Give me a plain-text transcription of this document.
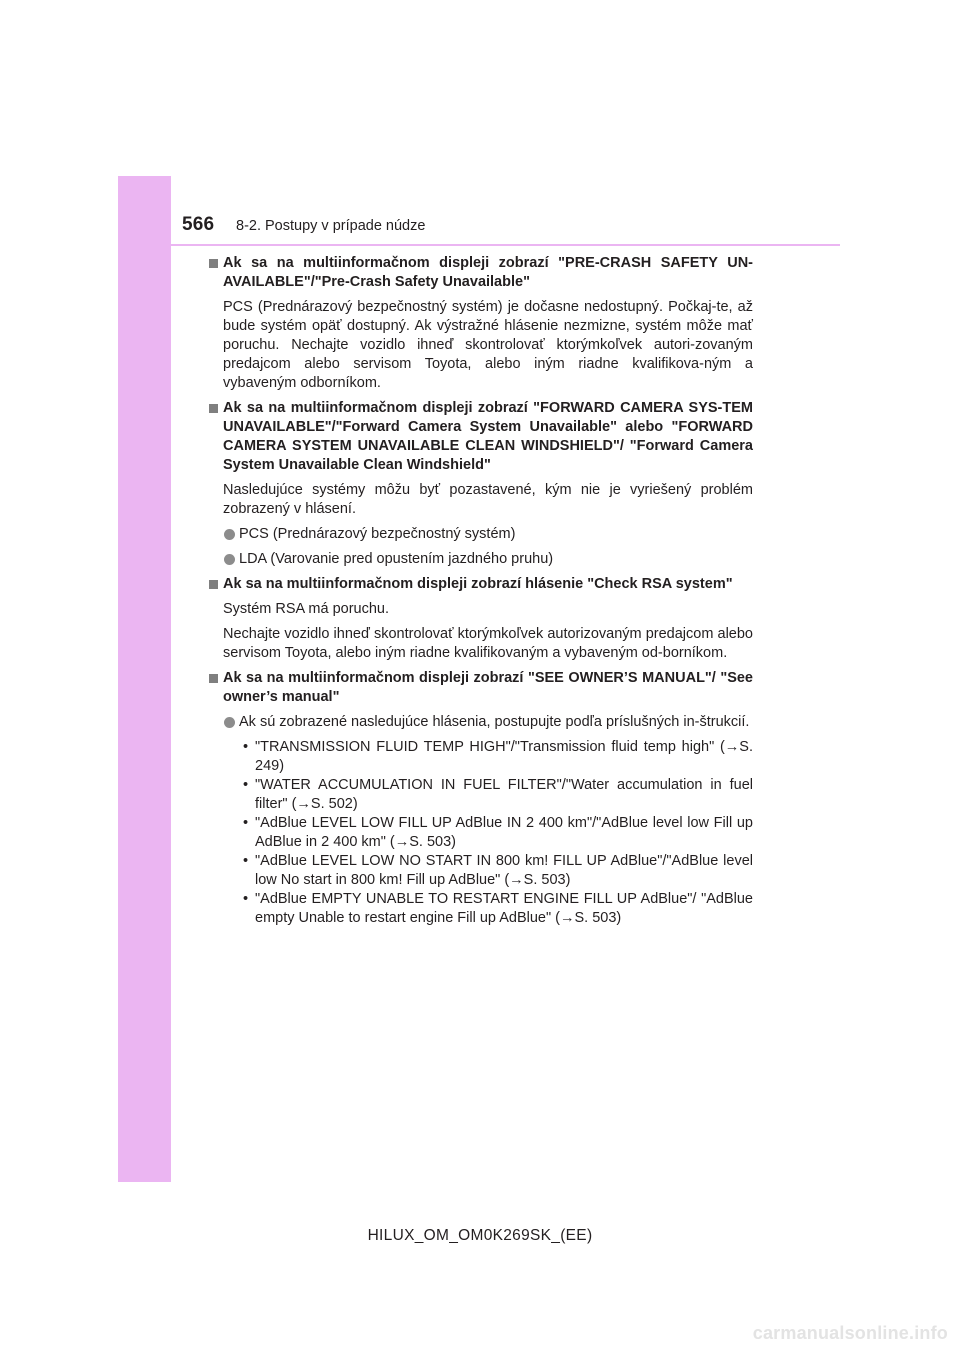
566 8-2. Postupy v prípade núdze
Ak sa na multiinformačnom displeji zobrazí "PRE-CRASH SAFETY UN-AVAILABLE"/"Pre-Crash Safety Unavailable"

PCS (Prednárazový bezpečnostný systém) je dočasne nedostupný. Počkaj-te, až bude systém opäť dostupný. Ak výstražné hlásenie nezmizne, systém môže mať poruchu. Nechajte vozidlo ihneď skontrolovať ktorýmkoľvek autori-zovaným predajcom alebo servisom Toyota, alebo iným riadne kvalifikova-ným a vybaveným odborníkom.

Ak sa na multiinformačnom displeji zobrazí "FORWARD CAMERA SYS-TEM UNAVAILABLE"/"Forward Camera System Unavailable" alebo "FORWARD CAMERA SYSTEM UNAVAILABLE CLEAN WINDSHIELD"/ "Forward Camera System Unavailable Clean Windshield"

Nasledujúce systémy môžu byť pozastavené, kým nie je vyriešený problém zobrazený v hlásení.

PCS (Prednárazový bezpečnostný systém)
LDA (Varovanie pred opustením jazdného pruhu)
Ak sa na multiinformačnom displeji zobrazí hlásenie "Check RSA system"

Systém RSA má poruchu.

Nechajte vozidlo ihneď skontrolovať ktorýmkoľvek autorizovaným predajcom alebo servisom Toyota, alebo iným riadne kvalifikovaným a vybaveným od-borníkom.

Ak sa na multiinformačnom displeji zobrazí "SEE OWNER’S MANUAL"/ "See owner’s manual"
Ak sú zobrazené nasledujúce hlásenia, postupujte podľa príslušných in-štrukcií.
• "TRANSMISSION FLUID TEMP HIGH"/"Transmission fluid temp high" (→S. 249)
• "WATER ACCUMULATION IN FUEL FILTER"/"Water accumulation in fuel filter" (→S. 502)
• "AdBlue LEVEL LOW FILL UP AdBlue IN 2 400 km"/"AdBlue level low Fill up AdBlue in 2 400 km" (→S. 503)
• "AdBlue LEVEL LOW NO START IN 800 km! FILL UP AdBlue"/"AdBlue level low No start in 800 km! Fill up AdBlue" (→S. 503)
• "AdBlue EMPTY UNABLE TO RESTART ENGINE FILL UP AdBlue"/ "AdBlue empty Unable to restart engine Fill up AdBlue" (→S. 503)
HILUX_OM_OM0K269SK_(EE)
carmanualsonline.info
